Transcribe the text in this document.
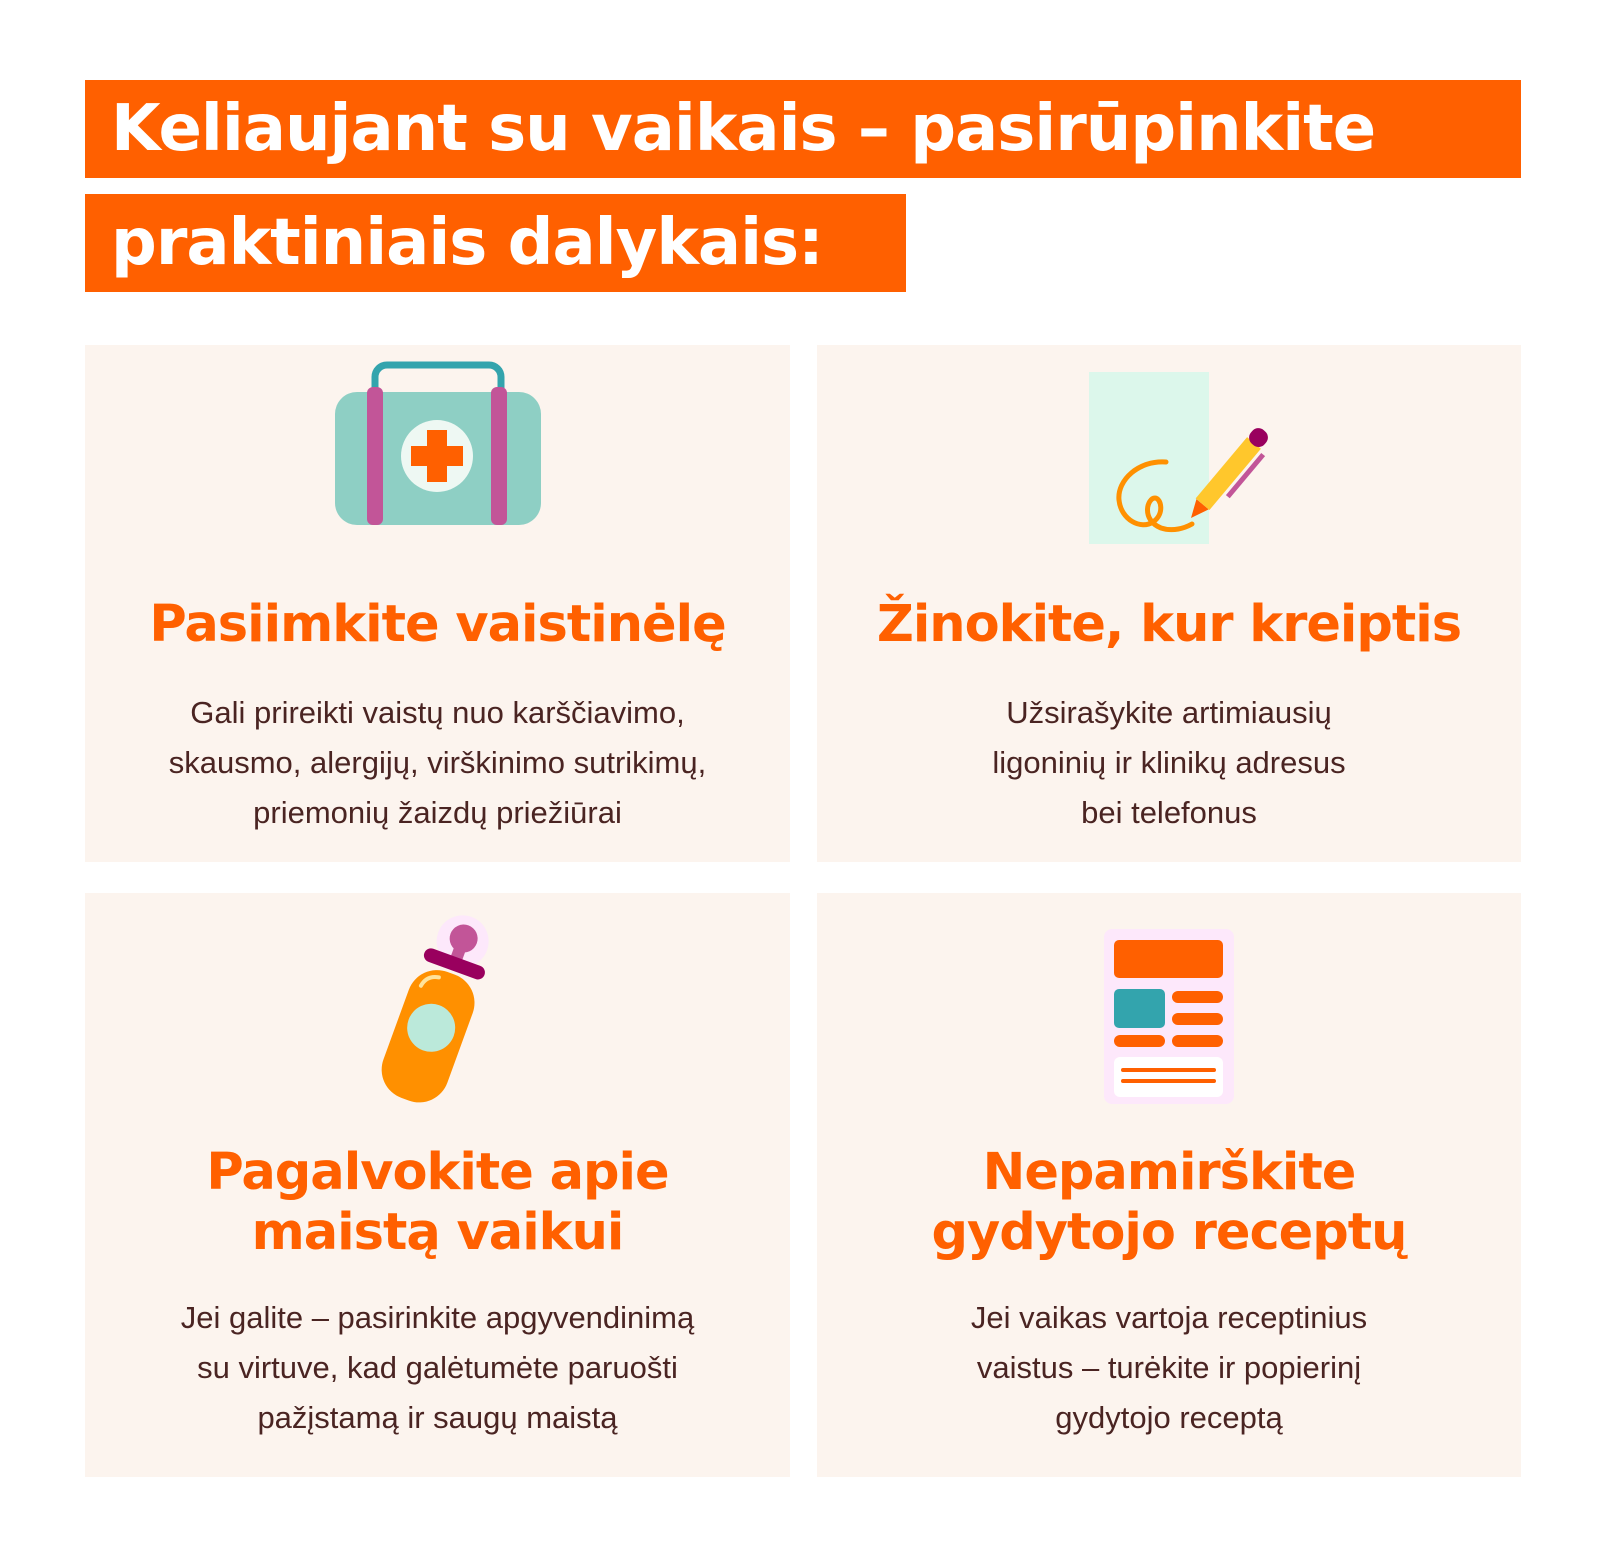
Keliaujant su vaikais – pasirūpinkite
praktiniais dalykais:
Pasiimkite vaistinėlę

Gali prireikti vaistų nuo karščiavimo,
skausmo, alergijų, virškinimo sutrikimų,
priemonių žaizdų priežiūrai

Žinokite, kur kreiptis

Užsirašykite artimiausių
ligoninių ir klinikų adresus
bei telefonus

Pagalvokite apie
maistą vaikui

Jei galite – pasirinkite apgyvendinimą
su virtuve, kad galėtumėte paruošti
pažįstamą ir saugų maistą

Nepamirškite
gydytojo receptų

Jei vaikas vartoja receptinius
vaistus – turėkite ir popierinį
gydytojo receptą
